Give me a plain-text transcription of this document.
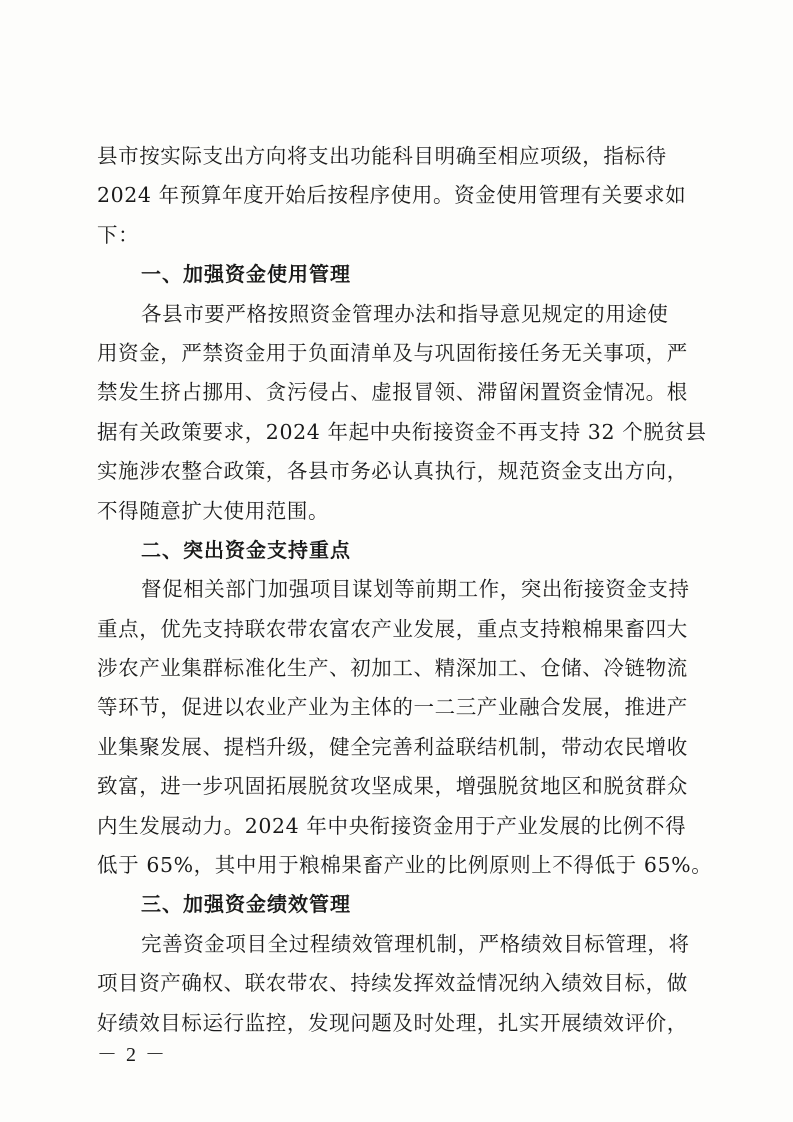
县市按实际支出方向将支出功能科目明确至相应项级，指标待
2024 年预算年度开始后按程序使用。资金使用管理有关要求如
下：
一、加强资金使用管理
各县市要严格按照资金管理办法和指导意见规定的用途使
用资金，严禁资金用于负面清单及与巩固衔接任务无关事项，严
禁发生挤占挪用、贪污侵占、虚报冒领、滞留闲置资金情况。根
据有关政策要求，2024 年起中央衔接资金不再支持 32 个脱贫县
实施涉农整合政策，各县市务必认真执行，规范资金支出方向，
不得随意扩大使用范围。
二、突出资金支持重点
督促相关部门加强项目谋划等前期工作，突出衔接资金支持
重点，优先支持联农带农富农产业发展，重点支持粮棉果畜四大
涉农产业集群标准化生产、初加工、精深加工、仓储、冷链物流
等环节，促进以农业产业为主体的一二三产业融合发展，推进产
业集聚发展、提档升级，健全完善利益联结机制，带动农民增收
致富，进一步巩固拓展脱贫攻坚成果，增强脱贫地区和脱贫群众
内生发展动力。2024 年中央衔接资金用于产业发展的比例不得
低于 65%，其中用于粮棉果畜产业的比例原则上不得低于 65%。
三、加强资金绩效管理
完善资金项目全过程绩效管理机制，严格绩效目标管理，将
项目资产确权、联农带农、持续发挥效益情况纳入绩效目标，做
好绩效目标运行监控，发现问题及时处理，扎实开展绩效评价，
－ 2 －
